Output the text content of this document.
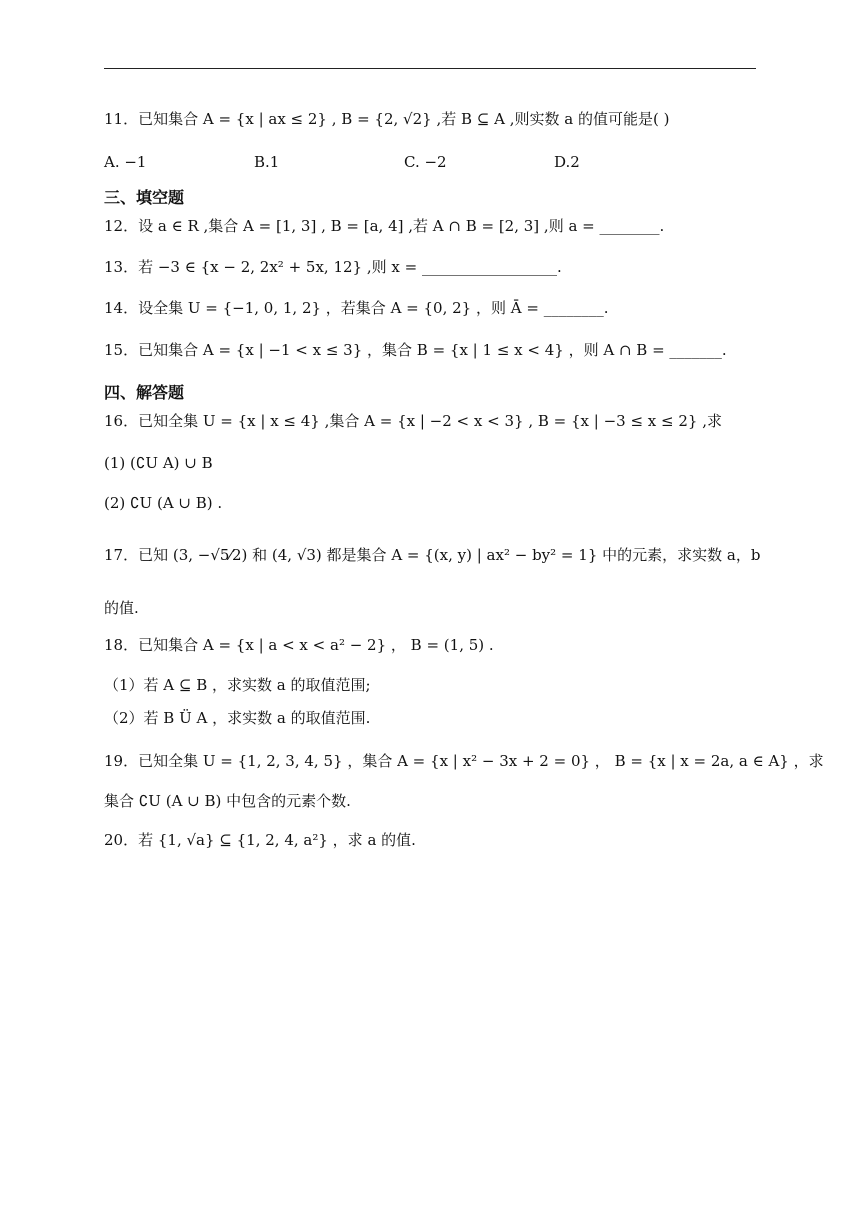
11．已知集合 A = {x | ax ≤ 2} , B = {2, √2} ,若 B ⊆ A ,则实数 a 的值可能是( )
A. −1	B.1	C. −2	D.2
三、填空题
12．设 a ∈ R ,集合 A = [1, 3] , B = [a, 4] ,若 A ∩ B = [2, 3] ,则 a = ________.
13．若 −3 ∈ {x − 2, 2x² + 5x, 12} ,则 x = __________________.
14．设全集 U = {−1, 0, 1, 2} ，若集合 A = {0, 2} ，则 Ā = ________.
15．已知集合 A = {x | −1 < x ≤ 3} ，集合 B = {x | 1 ≤ x < 4} ，则 A ∩ B = _______.
四、解答题
16．已知全集 U = {x | x ≤ 4} ,集合 A = {x | −2 < x < 3} , B = {x | −3 ≤ x ≤ 2} ,求
(1) (∁U A) ∪ B
(2) ∁U (A ∪ B) .
17．已知 (3, −√5⁄2) 和 (4, √3) 都是集合 A = {(x, y) | ax² − by² = 1} 中的元素，求实数 a，b
的值.
18．已知集合 A = {x | a < x < a² − 2} ， B = (1, 5) .
（1）若 A ⊆ B ，求实数 a 的取值范围;
（2）若 B Ü A ，求实数 a 的取值范围.
19．已知全集 U = {1, 2, 3, 4, 5} ，集合 A = {x | x² − 3x + 2 = 0} ， B = {x | x = 2a, a ∈ A} ，求
集合 ∁U (A ∪ B) 中包含的元素个数.
20．若 {1, √a} ⊆ {1, 2, 4, a²} ，求 a 的值.
